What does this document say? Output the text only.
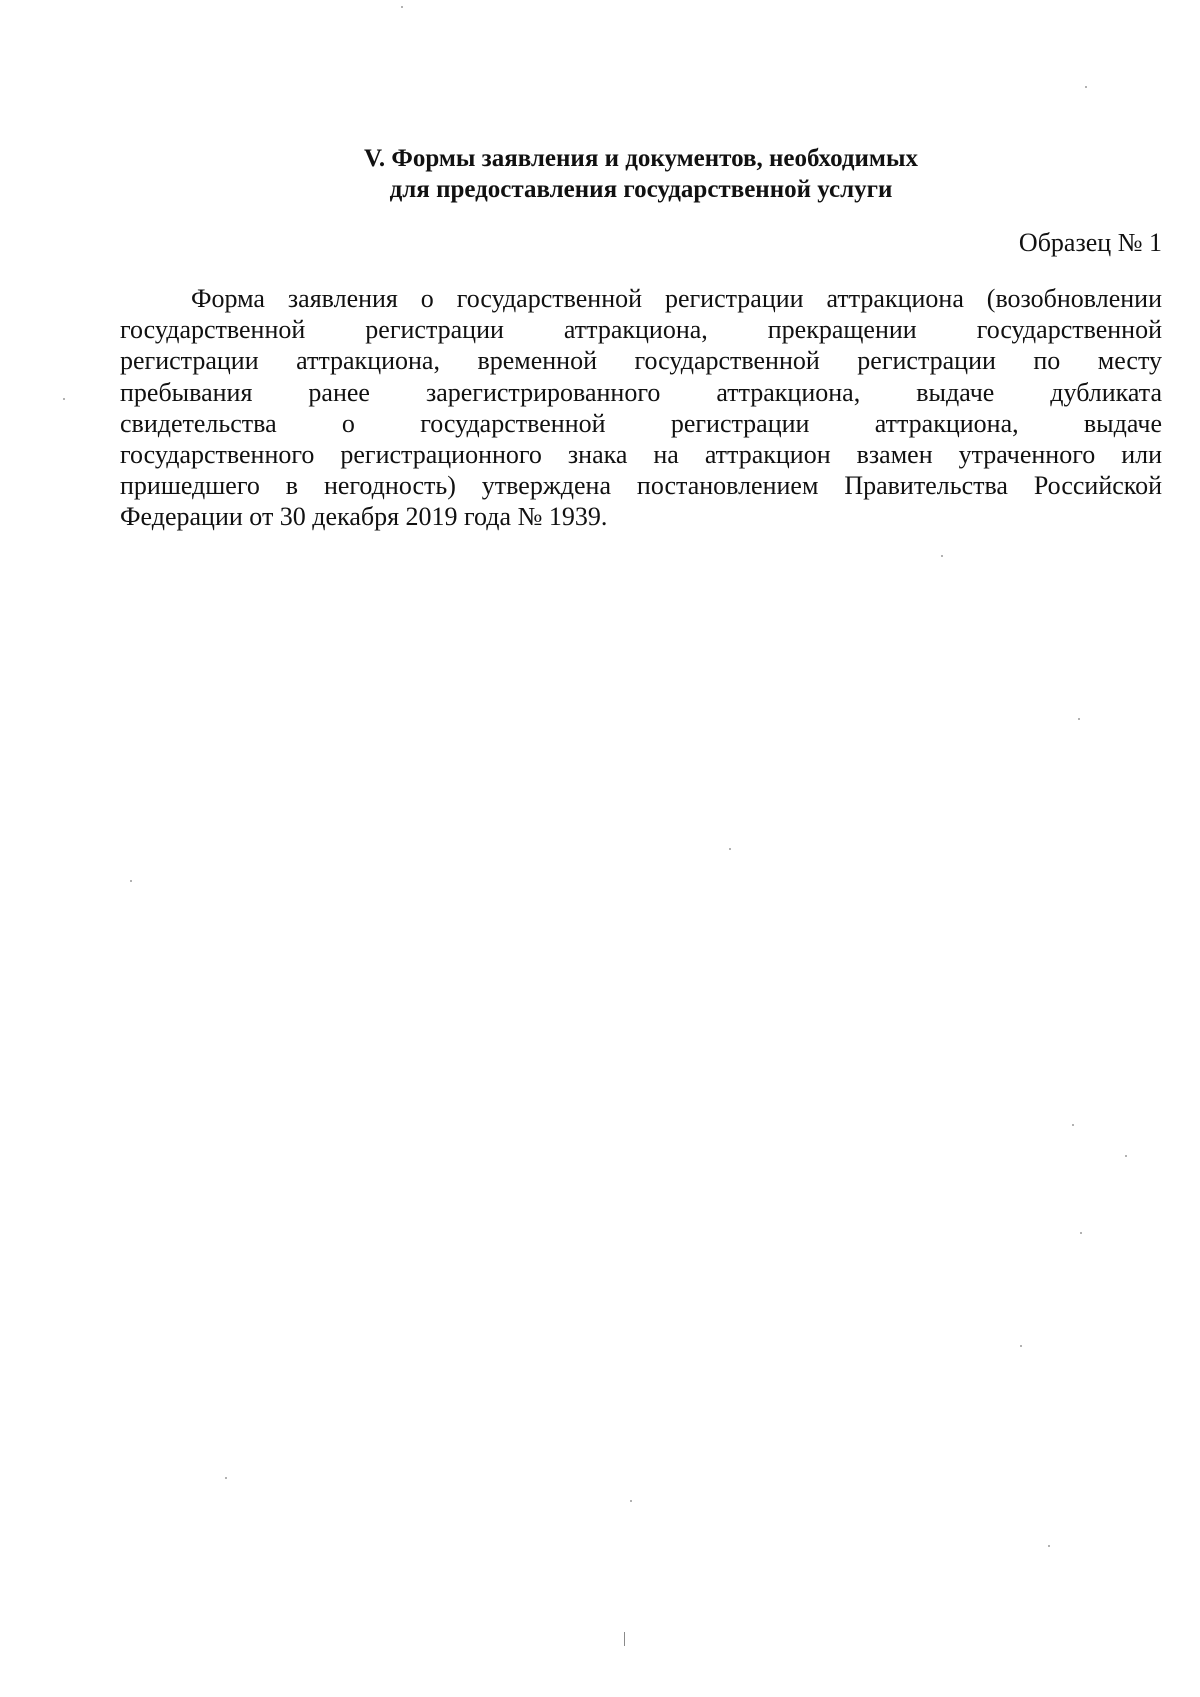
V. Формы заявления и документов, необходимых
для предоставления государственной услуги
Образец № 1
Форма заявления о государственной регистрации аттракциона (возобновлении
государственной регистрации аттракциона, прекращении государственной
регистрации аттракциона, временной государственной регистрации по месту
пребывания ранее зарегистрированного аттракциона, выдаче дубликата
свидетельства о государственной регистрации аттракциона, выдаче
государственного регистрационного знака на аттракцион взамен утраченного или
пришедшего в негодность) утверждена постановлением Правительства Российской
Федерации от 30 декабря 2019 года № 1939.
